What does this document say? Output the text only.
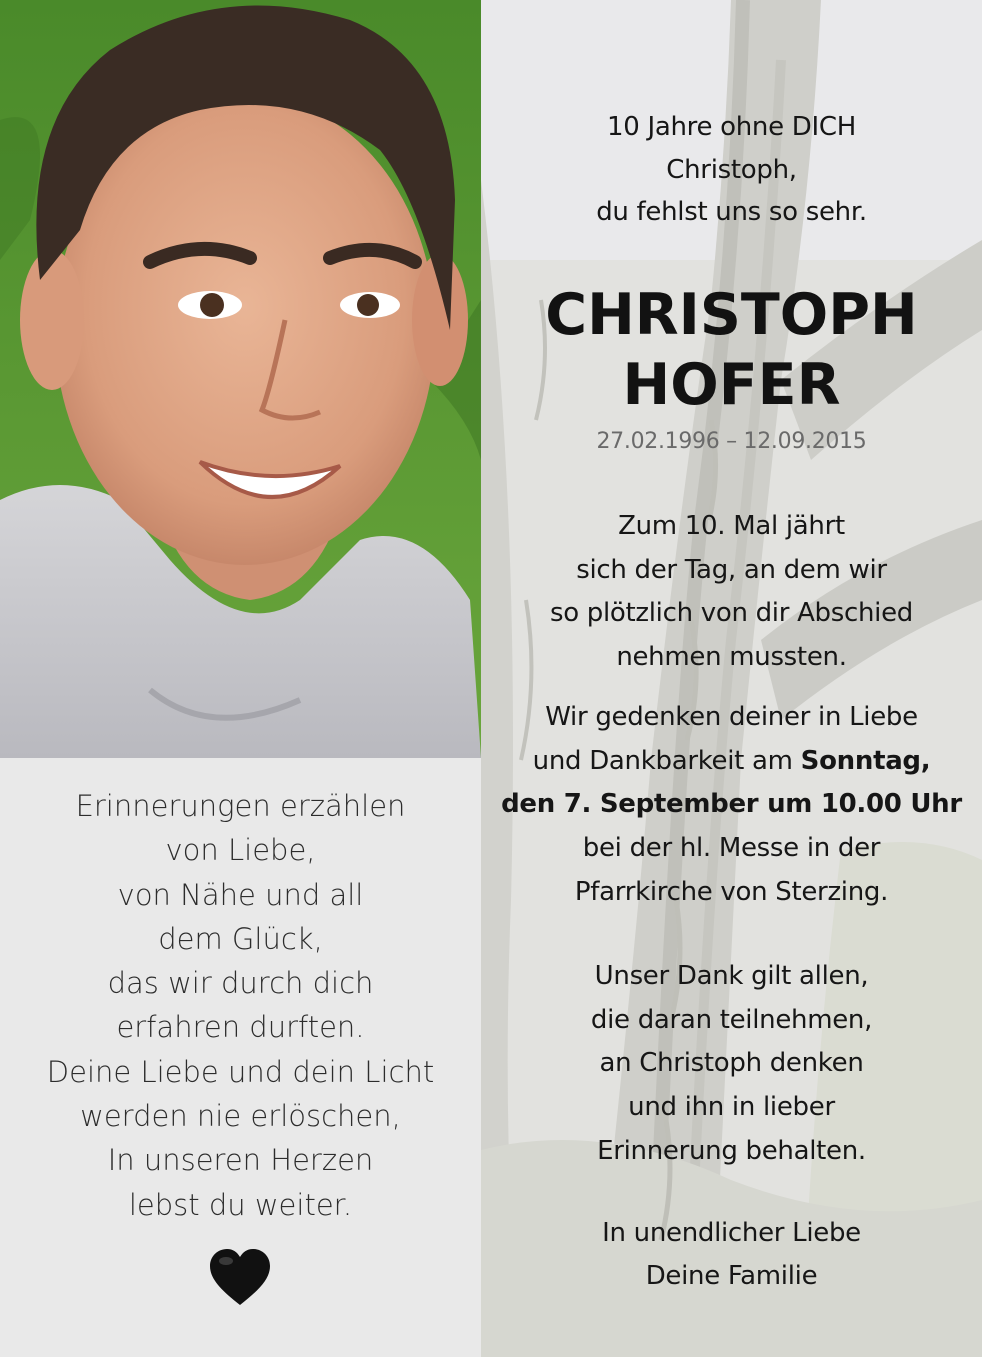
Erinnerungen erzählen
von Liebe,
von Nähe und all
dem Glück,
das wir durch dich
erfahren durften.
Deine Liebe und dein Licht
werden nie erlöschen,
In unseren Herzen
lebst du weiter.
10 Jahre ohne DICH
Christoph,
du fehlst uns so sehr.
CHRISTOPH
HOFER
27.02.1996 – 12.09.2015
Zum 10. Mal jährt
sich der Tag, an dem wir
so plötzlich von dir Abschied
nehmen mussten.
Wir gedenken deiner in Liebe
und Dankbarkeit am Sonntag,
den 7. September um 10.00 Uhr
bei der hl. Messe in der
Pfarrkirche von Sterzing.
Unser Dank gilt allen,
die daran teilnehmen,
an Christoph denken
und ihn in lieber
Erinnerung behalten.
In unendlicher Liebe
Deine Familie
